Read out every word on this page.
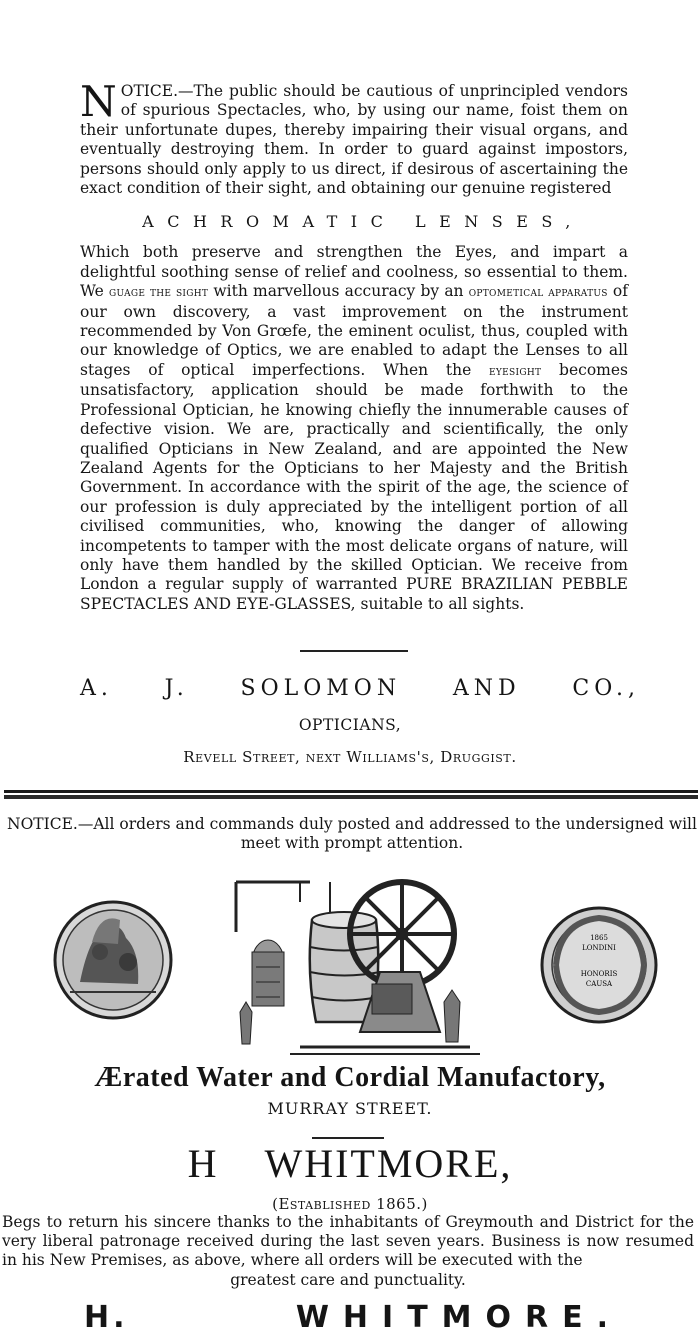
NOTICE.—The public should be cautious of unprincipled vendors of spurious Spectacles, who, by using our name, foist them on their unfortunate dupes, thereby impairing their visual organs, and eventually destroying them. In order to guard against impostors, persons should only apply to us direct, if desirous of ascertaining the exact condition of their sight, and obtaining our genuine registered

ACHROMATIC LENSES,

Which both preserve and strengthen the Eyes, and impart a delightful soothing sense of relief and coolness, so essential to them. We guage the sight with marvellous accuracy by an optometical apparatus of our own discovery, a vast improvement on the instrument recommended by Von Grœfe, the eminent oculist, thus, coupled with our knowledge of Optics, we are enabled to adapt the Lenses to all stages of optical imperfections. When the eyesight becomes unsatisfactory, application should be made forthwith to the Professional Optician, he knowing chiefly the innumerable causes of defective vision. We are, practically and scientifically, the only qualified Opticians in New Zealand, and are appointed the New Zealand Agents for the Opticians to her Majesty and the British Government. In accordance with the spirit of the age, the science of our profession is duly appreciated by the intelligent portion of all civilised communities, who, knowing the danger of allowing incompetents to tamper with the most delicate organs of nature, will only have them handled by the skilled Optician. We receive from London a regular supply of warranted PURE BRAZILIAN PEBBLE SPECTACLES AND EYE-GLASSES, suitable to all sights.

A. J. SOLOMON AND CO.,
OPTICIANS,
Revell Street, next Williams's, Druggist.

NOTICE.—All orders and commands duly posted and addressed to the undersigned will meet with prompt attention.

1865
LONDINI
HONORIS
CAUSA
Ærated Water and Cordial Manufactory,
MURRAY STREET.
H WHITMORE,
(Established 1865.)

Begs to return his sincere thanks to the inhabitants of Greymouth and District for the very liberal patronage received during the last seven years. Business is now resumed in his New Premises, as above, where all orders will be executed with the
greatest care and punctuality.

H.	WHITMORE.
